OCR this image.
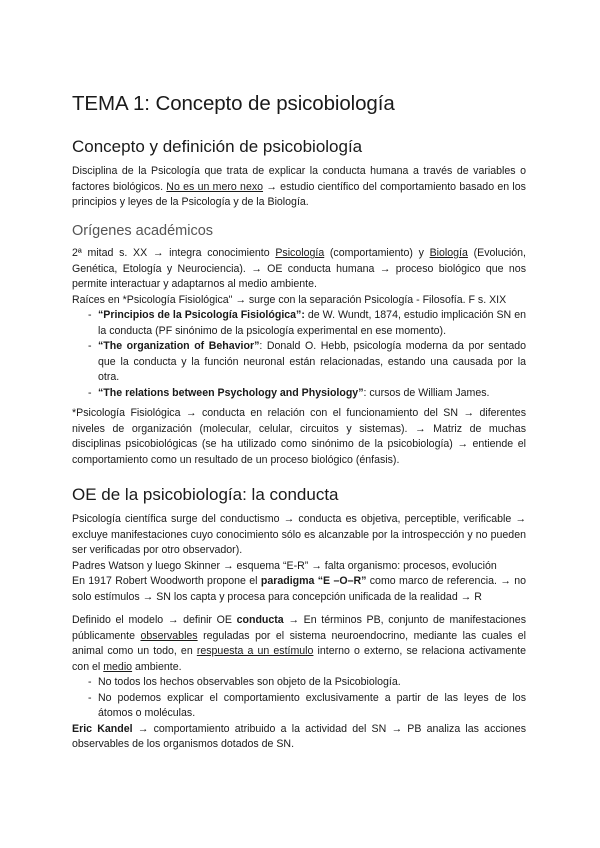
TEMA 1: Concepto de psicobiología
Concepto y definición de psicobiología

Disciplina de la Psicología que trata de explicar la conducta humana a través de variables o factores biológicos. No es un mero nexo → estudio científico del comportamiento basado en los principios y leyes de la Psicología y de la Biología.

Orígenes académicos

2ª mitad s. XX → integra conocimiento Psicología (comportamiento) y Biología (Evolución, Genética, Etología y Neurociencia). → OE conducta humana → proceso biológico que nos permite interactuar y adaptarnos al medio ambiente.

Raíces en *Psicología Fisiológica" → surge con la separación Psicología - Filosofía. F s. XIX

- “Principios de la Psicología Fisiológica”: de W. Wundt, 1874, estudio implicación SN en la conducta (PF sinónimo de la psicología experimental en ese momento).
- “The organization of Behavior”: Donald O. Hebb, psicología moderna da por sentado que la conducta y la función neuronal están relacionadas, estando una causada por la otra.
- “The relations between Psychology and Physiology”: cursos de William James.

*Psicología Fisiológica → conducta en relación con el funcionamiento del SN → diferentes niveles de organización (molecular, celular, circuitos y sistemas). → Matriz de muchas disciplinas psicobiológicas (se ha utilizado como sinónimo de la psicobiología) → entiende el comportamiento como un resultado de un proceso biológico (énfasis).

OE de la psicobiología: la conducta

Psicología científica surge del conductismo → conducta es objetiva, perceptible, verificable → excluye manifestaciones cuyo conocimiento sólo es alcanzable por la introspección y no pueden ser verificadas por otro observador).

Padres Watson y luego Skinner → esquema “E-R” → falta organismo: procesos, evolución

En 1917 Robert Woodworth propone el paradigma “E –O–R” como marco de referencia. → no solo estímulos → SN los capta y procesa para concepción unificada de la realidad → R

Definido el modelo → definir OE conducta → En términos PB, conjunto de manifestaciones públicamente observables reguladas por el sistema neuroendocrino, mediante las cuales el animal como un todo, en respuesta a un estímulo interno o externo, se relaciona activamente con el medio ambiente.

- No todos los hechos observables son objeto de la Psicobiología.
- No podemos explicar el comportamiento exclusivamente a partir de las leyes de los átomos o moléculas.

Eric Kandel → comportamiento atribuido a la actividad del SN → PB analiza las acciones observables de los organismos dotados de SN.
